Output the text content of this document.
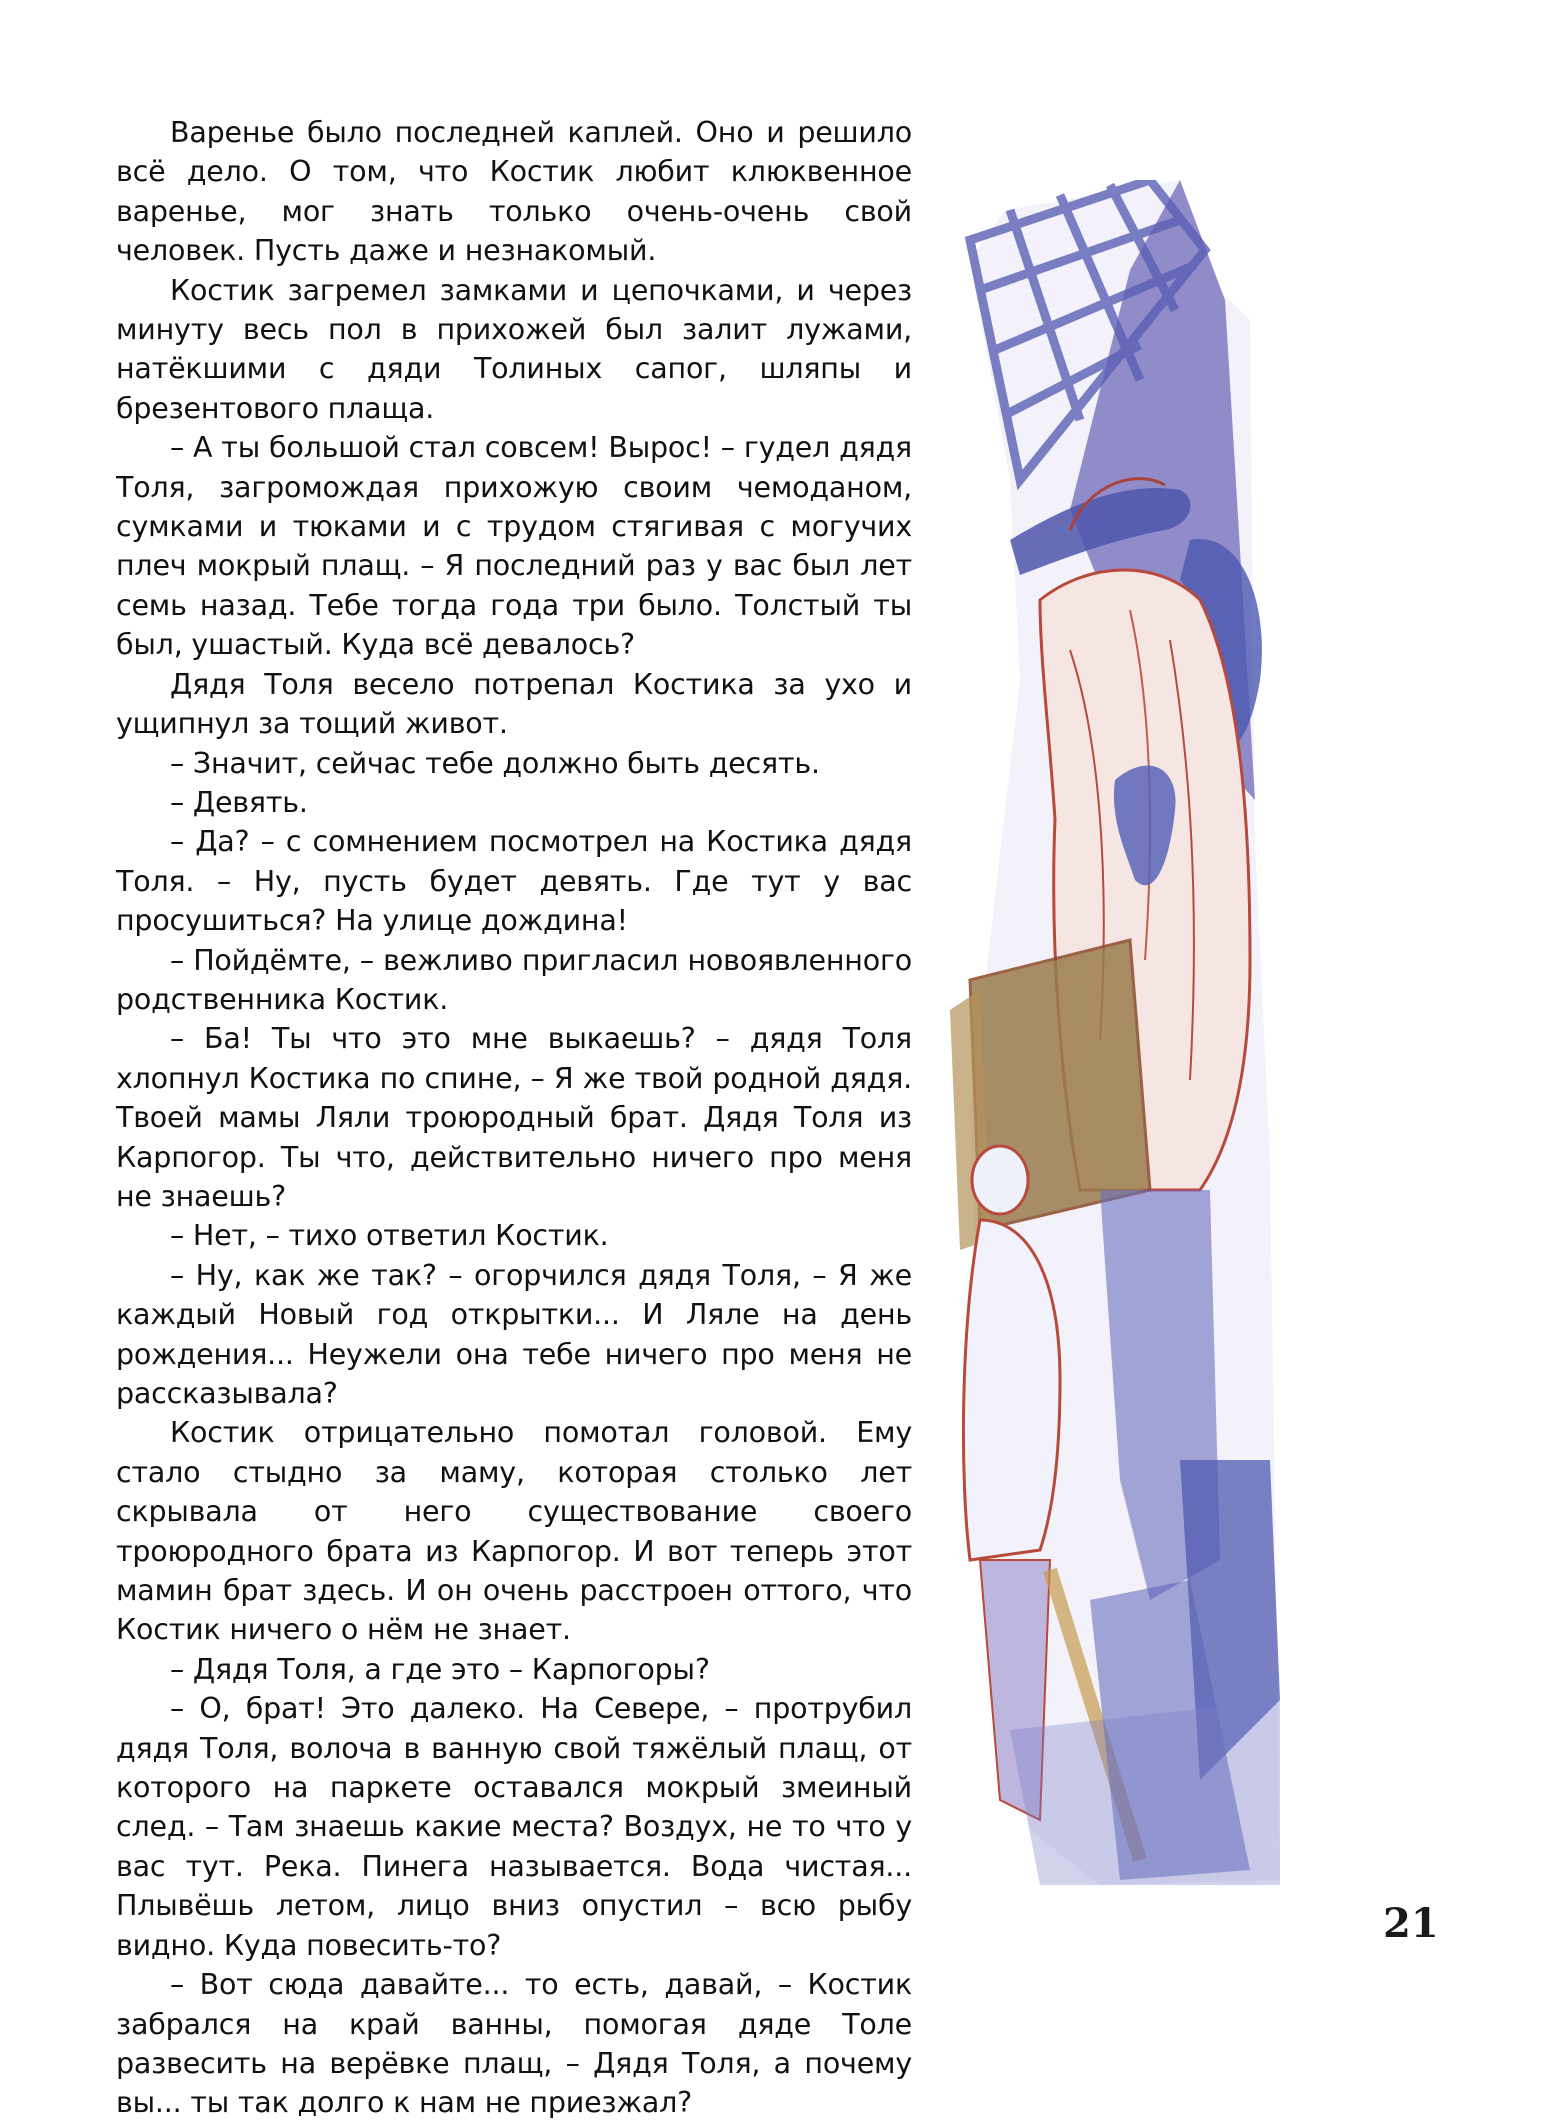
Варенье было последней каплей. Оно и решило всё дело. О том, что Костик любит клюквенное варенье, мог знать только очень-очень свой человек. Пусть даже и незнакомый.

Костик загремел замками и цепочками, и через минуту весь пол в прихожей был залит лужами, натёкшими с дяди Толиных сапог, шляпы и брезентового плаща.

– А ты большой стал совсем! Вырос! – гудел дядя Толя, загромождая прихожую своим чемоданом, сумками и тюками и с трудом стягивая с могучих плеч мокрый плащ. – Я последний раз у вас был лет семь назад. Тебе тогда года три было. Толстый ты был, ушастый. Куда всё девалось?

Дядя Толя весело потрепал Костика за ухо и ущипнул за тощий живот.

– Значит, сейчас тебе должно быть десять.

– Девять.

– Да? – с сомнением посмотрел на Костика дядя Толя. – Ну, пусть будет девять. Где тут у вас просушиться? На улице дождина!

– Пойдёмте, – вежливо пригласил новоявленного родственника Костик.

– Ба! Ты что это мне выкаешь? – дядя Толя хлопнул Костика по спине, – Я же твой родной дядя. Твоей мамы Ляли троюродный брат. Дядя Толя из Карпогор. Ты что, действительно ничего про меня не знаешь?

– Нет, – тихо ответил Костик.

– Ну, как же так? – огорчился дядя Толя, – Я же каждый Новый год открытки... И Ляле на день рождения... Неужели она тебе ничего про меня не рассказывала?

Костик отрицательно помотал головой. Ему стало стыдно за маму, которая столько лет скрывала от него существование своего троюродного брата из Карпогор. И вот теперь этот мамин брат здесь. И он очень расстроен оттого, что Костик ничего о нём не знает.

– Дядя Толя, а где это – Карпогоры?

– О, брат! Это далеко. На Севере, – протрубил дядя Толя, волоча в ванную свой тяжёлый плащ, от которого на паркете оставался мокрый змеиный след. – Там знаешь какие места? Воздух, не то что у вас тут. Река. Пинега называется. Вода чистая... Плывёшь летом, лицо вниз опустил – всю рыбу видно. Куда повесить-то?

– Вот сюда давайте... то есть, давай, – Костик забрался на край ванны, помогая дяде Толе развесить на верёвке плащ, – Дядя Толя, а почему вы... ты так долго к нам не приезжал?

21
